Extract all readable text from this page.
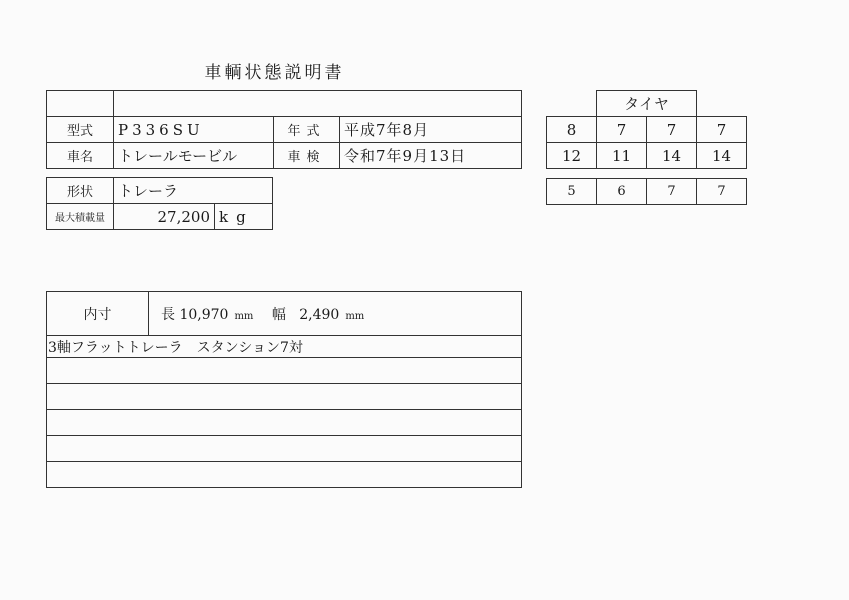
車輌状態説明書

型式	P336SU	年式	平成7年8月
車名	トレールモービル	車検	令和7年9月13日
形状	トレーラ	
最大積載量	27,200	kg
	タイヤ		
8	7	7	7
12	11	14	14
5	6	7	7
内寸	長 10,970 mm 幅 2,490 mm
3軸フラットトレーラ　スタンション7対
